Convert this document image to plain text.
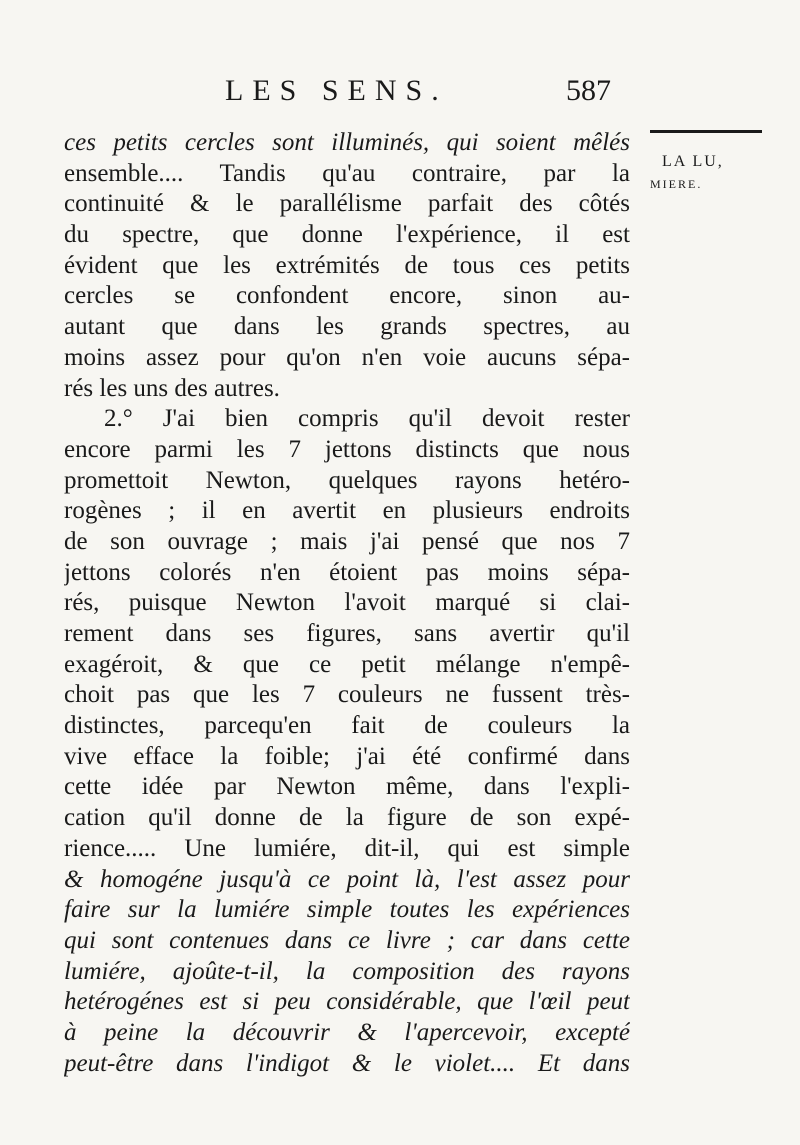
LES SENS.	587
LA LU,
MIERE.
ces petits cercles sont illuminés, qui soient mêlés
ensemble.... Tandis qu'au contraire, par la
continuité & le parallélisme parfait des côtés
du spectre, que donne l'expérience, il est
évident que les extrémités de tous ces petits
cercles se confondent encore, sinon au-
autant que dans les grands spectres, au
moins assez pour qu'on n'en voie aucuns sépa-
rés les uns des autres.
2.° J'ai bien compris qu'il devoit rester
encore parmi les 7 jettons distincts que nous
promettoit Newton, quelques rayons hetéro-
rogènes ; il en avertit en plusieurs endroits
de son ouvrage ; mais j'ai pensé que nos 7
jettons colorés n'en étoient pas moins sépa-
rés, puisque Newton l'avoit marqué si clai-
rement dans ses figures, sans avertir qu'il
exagéroit, & que ce petit mélange n'empê-
choit pas que les 7 couleurs ne fussent très-
distinctes, parcequ'en fait de couleurs la
vive efface la foible; j'ai été confirmé dans
cette idée par Newton même, dans l'expli-
cation qu'il donne de la figure de son expé-
rience..... Une lumiére, dit-il, qui est simple
& homogéne jusqu'à ce point là, l'est assez pour
faire sur la lumiére simple toutes les expériences
qui sont contenues dans ce livre ; car dans cette
lumiére, ajoûte-t-il, la composition des rayons
hetérogénes est si peu considérable, que l'œil peut
à peine la découvrir & l'apercevoir, excepté
peut-être dans l'indigot & le violet.... Et dans
